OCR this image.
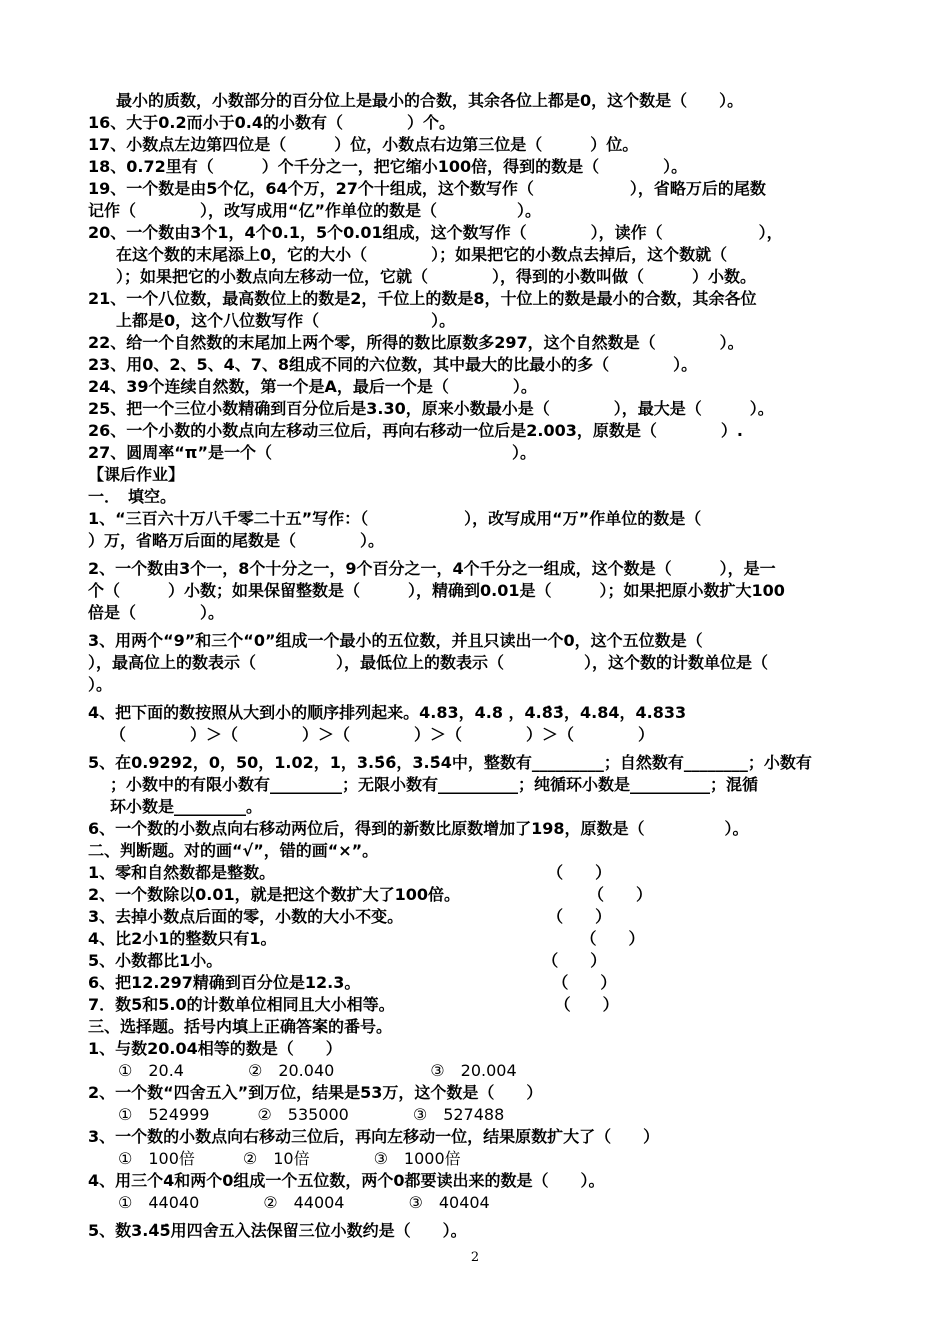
最小的质数，小数部分的百分位上是最小的合数，其余各位上都是0，这个数是（　　）。
16、大于0.2而小于0.4的小数有（　　　　）个。
17、小数点左边第四位是（　　　）位，小数点右边第三位是（　　　）位。
18、0.72里有（　　　）个千分之一，把它缩小100倍，得到的数是（　　　　）。
19、一个数是由5个亿，64个万，27个十组成，这个数写作（　　　　　　），省略万后的尾数
记作（　　　　），改写成用“亿”作单位的数是（　　　　　）。
20、一个数由3个1，4个0.1，5个0.01组成，这个数写作（　　　　），读作（　　　　　　），
在这个数的末尾添上0，它的大小（　　　　）；如果把它的小数点去掉后，这个数就（
）；如果把它的小数点向左移动一位，它就（　　　　），得到的小数叫做（　　　）小数。
21、一个八位数，最高数位上的数是2，千位上的数是8，十位上的数是最小的合数，其余各位
上都是0，这个八位数写作（　　　　　　　）。
22、给一个自然数的末尾加上两个零，所得的数比原数多297，这个自然数是（　　　　）。
23、用0、2、5、4、7、8组成不同的六位数，其中最大的比最小的多（　　　　）。
24、39个连续自然数，第一个是A，最后一个是（　　　　）。
25、把一个三位小数精确到百分位后是3.30，原来小数最小是（　　　　），最大是（　　　）。
26、一个小数的小数点向左移动三位后，再向右移动一位后是2.003，原数是（　　　　）.
27、圆周率“π”是一个（　　　　　　　　　　　　　　　）。
【课后作业】
一．　填空。
1、“三百六十万八千零二十五”写作：（　　　　　　），改写成用“万”作单位的数是（
）万，省略万后面的尾数是（　　　　）。
2、一个数由3个一，8个十分之一，9个百分之一，4个千分之一组成，这个数是（　　　），是一
个（　　　）小数；如果保留整数是（　　　），精确到0.01是（　　　）；如果把原小数扩大100
倍是（　　　　）。
3、用两个“9”和三个“0”组成一个最小的五位数，并且只读出一个0，这个五位数是（
），最高位上的数表示（　　　　　），最低位上的数表示（　　　　　），这个数的计数单位是（
）。
4、把下面的数按照从大到小的顺序排列起来。4.83，4.8 ，4.8̇3̇，4.84，4.833
（　　　　）＞（　　　　）＞（　　　　）＞（　　　　）＞（　　　　）
5、在0.9292，0，50，1.02，1，3.5̇6̇，3.5̇4中，整数有_________；自然数有________；小数有
；小数中的有限小数有_________；无限小数有__________；纯循环小数是__________；混循
环小数是_________。
6、一个数的小数点向右移动两位后，得到的新数比原数增加了198，原数是（　　　　　）。
二、判断题。对的画“√”，错的画“×”。
1、零和自然数都是整数。　　　　　　　　　　　　　　　　　　（　　）
2、一个数除以0.01，就是把这个数扩大了100倍。　　　　　　　　　（　　）
3、去掉小数点后面的零，小数的大小不变。　　　　　　　　　　（　　）
4、比2小1的整数只有1。　　　　　　　　　　　　　　　　　　　　（　　）
5、小数都比1小。　　　　　　　　　　　　　　　　　　　　　（　　）
6、把12.297精确到百分位是12.3。　　　　　　　　　　　　　（　　）
7．数5和5.0的计数单位相同且大小相等。　　　　　　　　　　　（　　）
三、选择题。括号内填上正确答案的番号。
1、与数20.04相等的数是（　　）
①　20.4　　　　②　20.040　　　　　　③　20.004
2、一个数“四舍五入”到万位，结果是53万，这个数是（　　）
①　524999　　　②　535000　　　　③　527488
3、一个数的小数点向右移动三位后，再向左移动一位，结果原数扩大了（　　）
①　100倍　　　②　10倍　　　　③　1000倍
4、用三个4和两个0组成一个五位数，两个0都要读出来的数是（　　）。
①　44040　　　　②　44004　　　　③　40404
5、数3.4̇5̇用四舍五入法保留三位小数约是（　　）。
2
